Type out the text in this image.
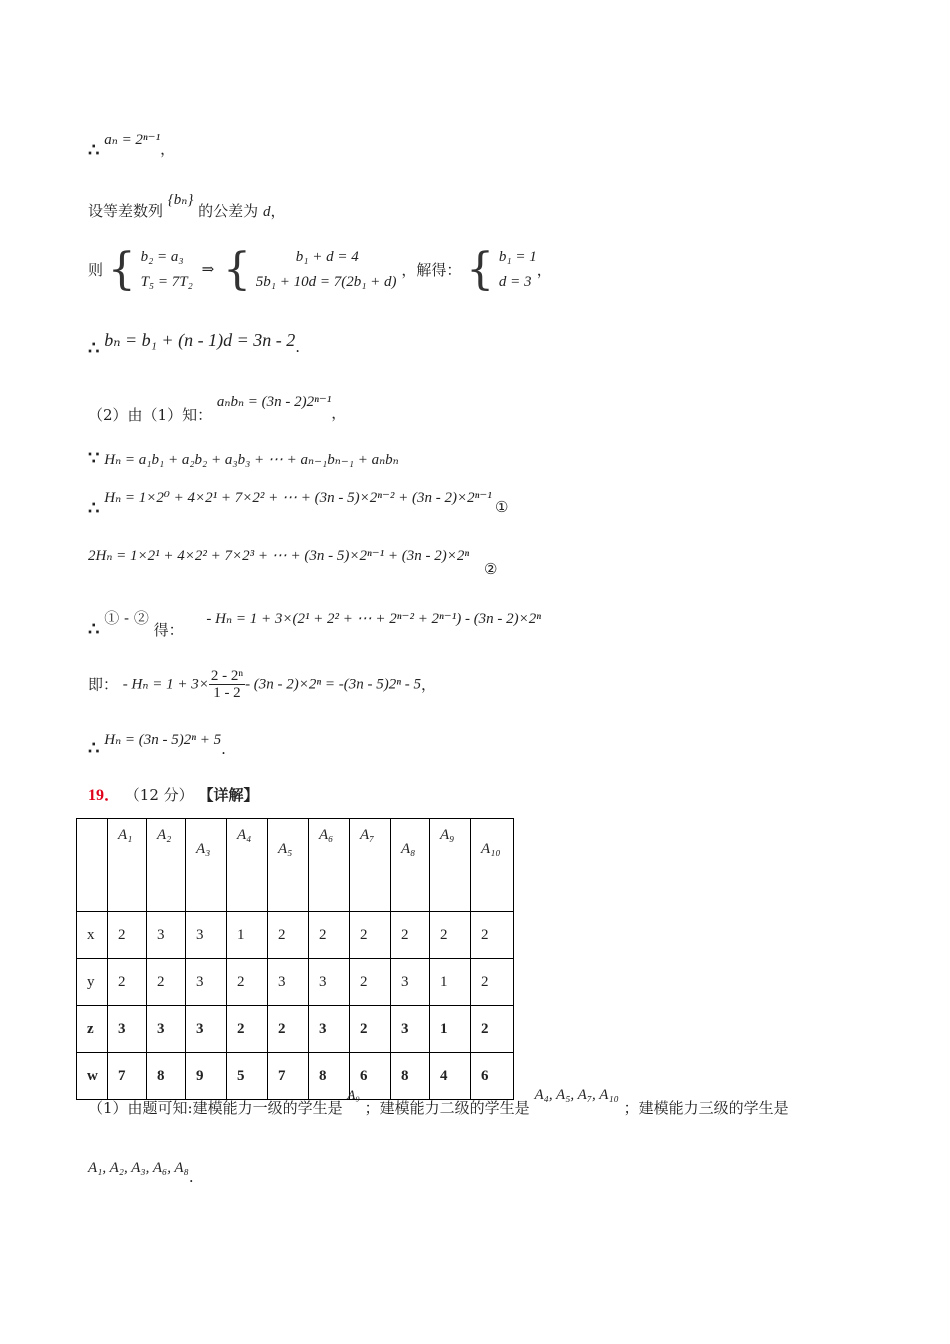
∴ aₙ = 2ⁿ⁻¹，
设等差数列 {bₙ} 的公差为 d，
则 { b₂ = a₃
T₅ = 7T₂ ⇒ {	b₁ + d = 4
5b₁ + 10d = 7(2b₁ + d) ，解得： { b₁ = 1
d = 3，
∴ bₙ = b₁ + (n - 1)d = 3n - 2.
（2）由（1）知： aₙbₙ = (3n - 2)2ⁿ⁻¹，
∵ Hₙ = a₁b₁ + a₂b₂ + a₃b₃ + ⋯ + aₙ₋₁bₙ₋₁ + aₙbₙ
∴ Hₙ = 1×2⁰ + 4×2¹ + 7×2² + ⋯ + (3n - 5)×2ⁿ⁻² + (3n - 2)×2ⁿ⁻¹ ①
2Hₙ = 1×2¹ + 4×2² + 7×2³ + ⋯ + (3n - 5)×2ⁿ⁻¹ + (3n - 2)×2ⁿ
②
∴ ① - ② 得： - Hₙ = 1 + 3×(2¹ + 2² + ⋯ + 2ⁿ⁻² + 2ⁿ⁻¹) - (3n - 2)×2ⁿ
即： - $H_n = 1 + 3\times \frac{\text{2 - 2ⁿ}}{1 - 2} - (3n - 2)\times 2^n = -(3n - 5)2^n - 5$，
∴ Hₙ = (3n - 5)2ⁿ + 5.
19． （12 分） 【详解】
	A₁	A₂	A₃	A₄	A₅	A₆	A₇	A₈	A₉	A₁₀
x	2	3	3	1	2	2	2	2	2	2
y	2	2	3	2	3	3	2	3	1	2
z	3	3	3	2	2	3	2	3	1	2
w	7	8	9	5	7	8	6	8	4	6
（1）由题可知:建模能力一级的学生是 A₉ ；建模能力二级的学生是 A₄, A₅, A₇, A₁₀ ；建模能力三级的学生是
A₁, A₂, A₃, A₆, A₈.
